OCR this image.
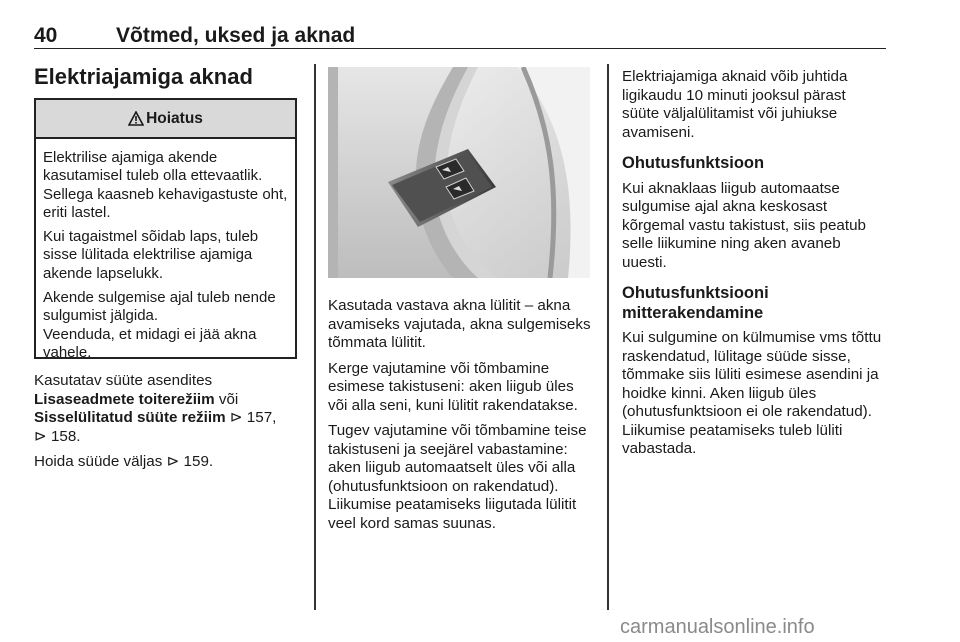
40	Võtmed, uksed ja aknad
Elektriajamiga aknad
Hoiatus

Elektrilise ajamiga akende kasutamisel tuleb olla ettevaatlik. Sellega kaasneb kehavigastuste oht, eriti lastel.

Kui tagaistmel sõidab laps, tuleb sisse lülitada elektrilise ajamiga akende lapselukk.

Akende sulgemise ajal tuleb nende sulgumist jälgida.

Veenduda, et midagi ei jää akna vahele.

Kasutatav süüte asendites
Lisaseadmete toiterežiim või
Sisselülitatud süüte režiim ⊳ 157,
⊳ 158.

Hoida süüde väljas ⊳ 159.

Kasutada vastava akna lülitit – akna avamiseks vajutada, akna sulgemiseks tõmmata lülitit.

Kerge vajutamine või tõmbamine esimese takistuseni: aken liigub üles või alla seni, kuni lülitit rakendatakse.

Tugev vajutamine või tõmbamine teise takistuseni ja seejärel vabastamine: aken liigub automaatselt üles või alla (ohutusfunktsioon on rakendatud). Liikumise peatamiseks liigutada lülitit veel kord samas suunas.

Elektriajamiga aknaid võib juhtida ligikaudu 10 minuti jooksul pärast süüte väljalülitamist või juhiukse avamiseni.

Ohutusfunktsioon

Kui aknaklaas liigub automaatse sulgumise ajal akna keskosast kõrgemal vastu takistust, siis peatub selle liikumine ning aken avaneb uuesti.

Ohutusfunktsiooni mitterakendamine

Kui sulgumine on külmumise vms tõttu raskendatud, lülitage süüde sisse, tõmmake siis lüliti esimese asendini ja hoidke kinni. Aken liigub üles (ohutusfunktsioon ei ole rakendatud). Liikumise peatamiseks tuleb lüliti vabastada.

carmanualsonline.info
